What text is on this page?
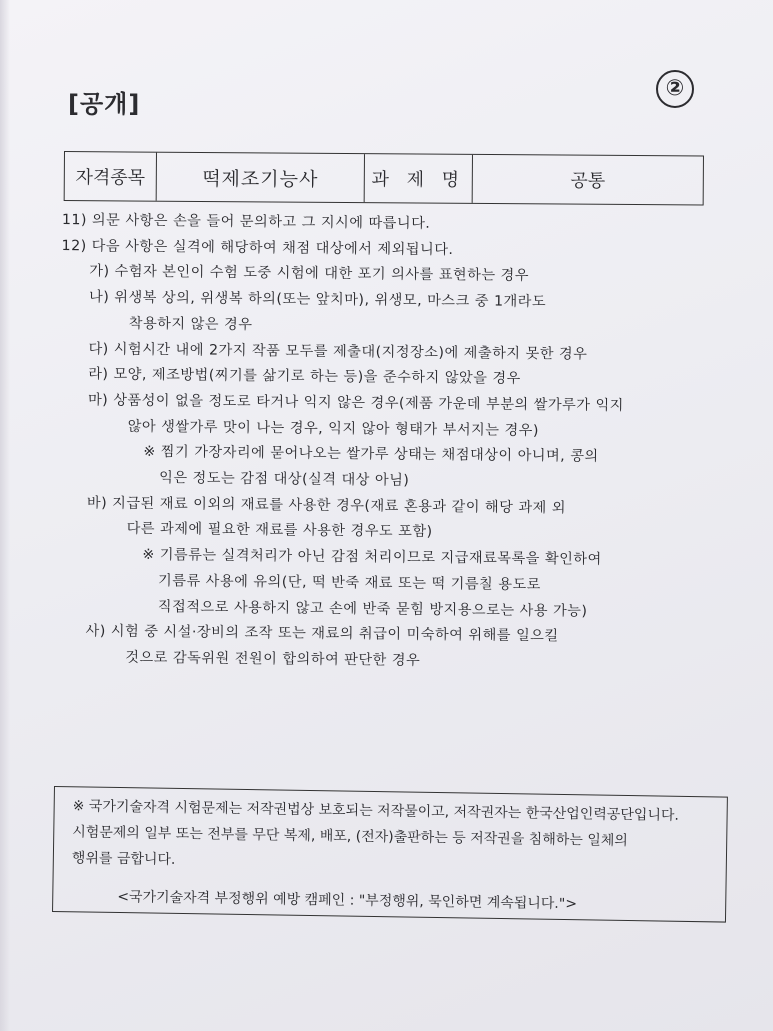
[공개]
②
자격종목	떡제조기능사	과 제 명	공통
11) 의문 사항은 손을 들어 문의하고 그 지시에 따릅니다.
12) 다음 사항은 실격에 해당하여 채점 대상에서 제외됩니다.
가) 수험자 본인이 수험 도중 시험에 대한 포기 의사를 표현하는 경우
나) 위생복 상의, 위생복 하의(또는 앞치마), 위생모, 마스크 중 1개라도
착용하지 않은 경우
다) 시험시간 내에 2가지 작품 모두를 제출대(지정장소)에 제출하지 못한 경우
라) 모양, 제조방법(찌기를 삶기로 하는 등)을 준수하지 않았을 경우
마) 상품성이 없을 정도로 타거나 익지 않은 경우(제품 가운데 부분의 쌀가루가 익지
않아 생쌀가루 맛이 나는 경우, 익지 않아 형태가 부서지는 경우)
※ 찜기 가장자리에 묻어나오는 쌀가루 상태는 채점대상이 아니며, 콩의
익은 정도는 감점 대상(실격 대상 아님)
바) 지급된 재료 이외의 재료를 사용한 경우(재료 혼용과 같이 해당 과제 외
다른 과제에 필요한 재료를 사용한 경우도 포함)
※ 기름류는 실격처리가 아닌 감점 처리이므로 지급재료목록을 확인하여
기름류 사용에 유의(단, 떡 반죽 재료 또는 떡 기름칠 용도로
직접적으로 사용하지 않고 손에 반죽 묻힘 방지용으로는 사용 가능)
사) 시험 중 시설·장비의 조작 또는 재료의 취급이 미숙하여 위해를 일으킬
것으로 감독위원 전원이 합의하여 판단한 경우
※ 국가기술자격 시험문제는 저작권법상 보호되는 저작물이고, 저작권자는 한국산업인력공단입니다.
시험문제의 일부 또는 전부를 무단 복제, 배포, (전자)출판하는 등 저작권을 침해하는 일체의
행위를 금합니다.
<국가기술자격 부정행위 예방 캠페인 : "부정행위, 묵인하면 계속됩니다.">
